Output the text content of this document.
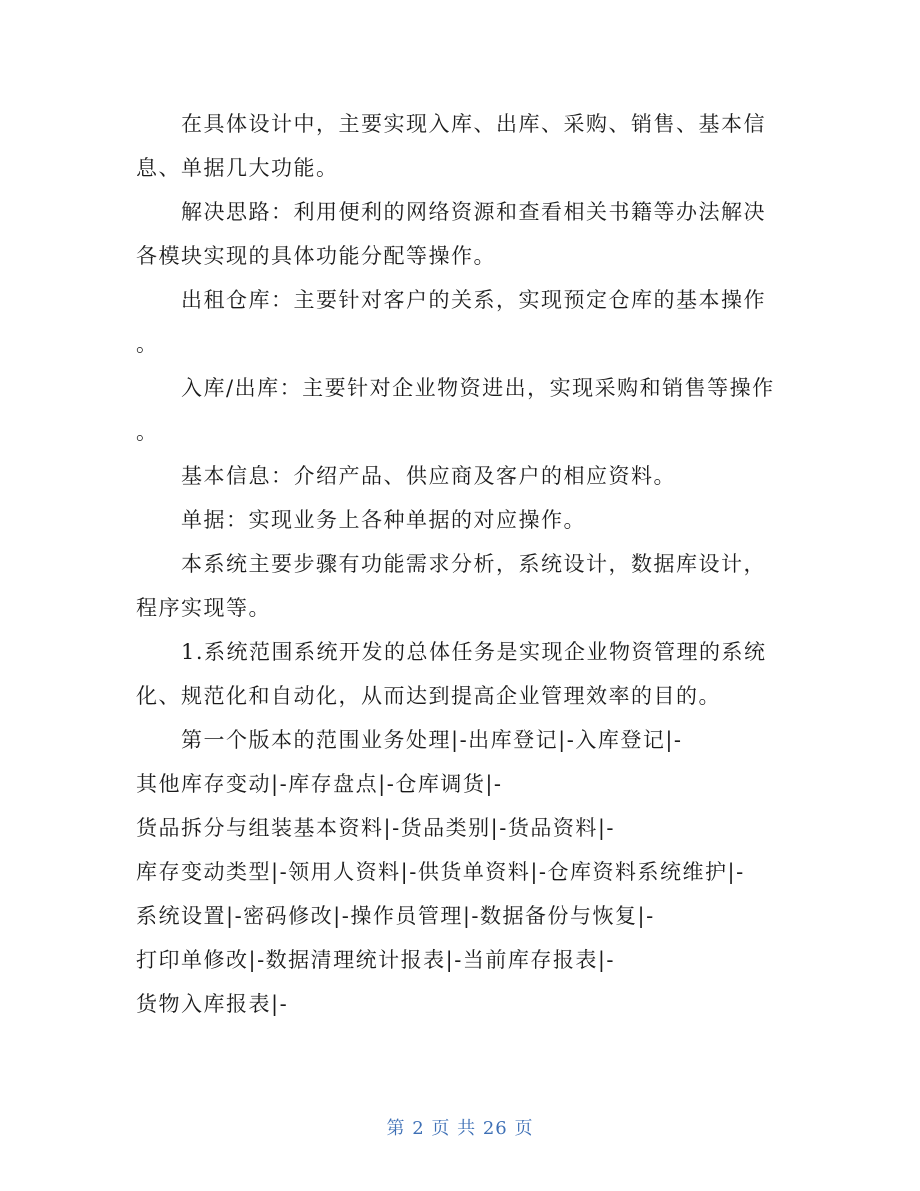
在具体设计中，主要实现入库、出库、采购、销售、基本信
息、单据几大功能。
解决思路：利用便利的网络资源和查看相关书籍等办法解决
各模块实现的具体功能分配等操作。
出租仓库：主要针对客户的关系，实现预定仓库的基本操作
。
入库/出库：主要针对企业物资进出，实现采购和销售等操作
。
基本信息：介绍产品、供应商及客户的相应资料。
单据：实现业务上各种单据的对应操作。
本系统主要步骤有功能需求分析，系统设计，数据库设计，
程序实现等。
1.系统范围系统开发的总体任务是实现企业物资管理的系统
化、规范化和自动化，从而达到提高企业管理效率的目的。
第一个版本的范围业务处理|-出库登记|-入库登记|-
其他库存变动|-库存盘点|-仓库调货|-
货品拆分与组装基本资料|-货品类别|-货品资料|-
库存变动类型|-领用人资料|-供货单资料|-仓库资料系统维护|-
系统设置|-密码修改|-操作员管理|-数据备份与恢复|-
打印单修改|-数据清理统计报表|-当前库存报表|-
货物入库报表|-
第 2 页 共 26 页
